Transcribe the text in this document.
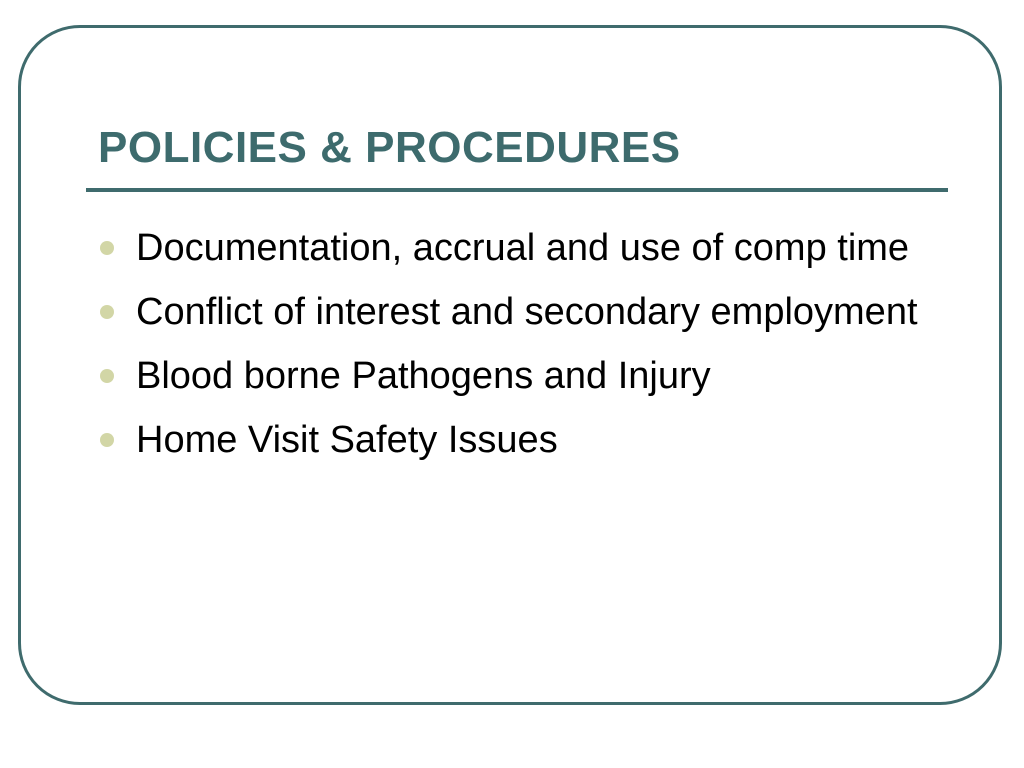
POLICIES & PROCEDURES
Documentation, accrual and use of comp time
Conflict of interest and secondary employment
Blood borne Pathogens and Injury
Home Visit Safety Issues
